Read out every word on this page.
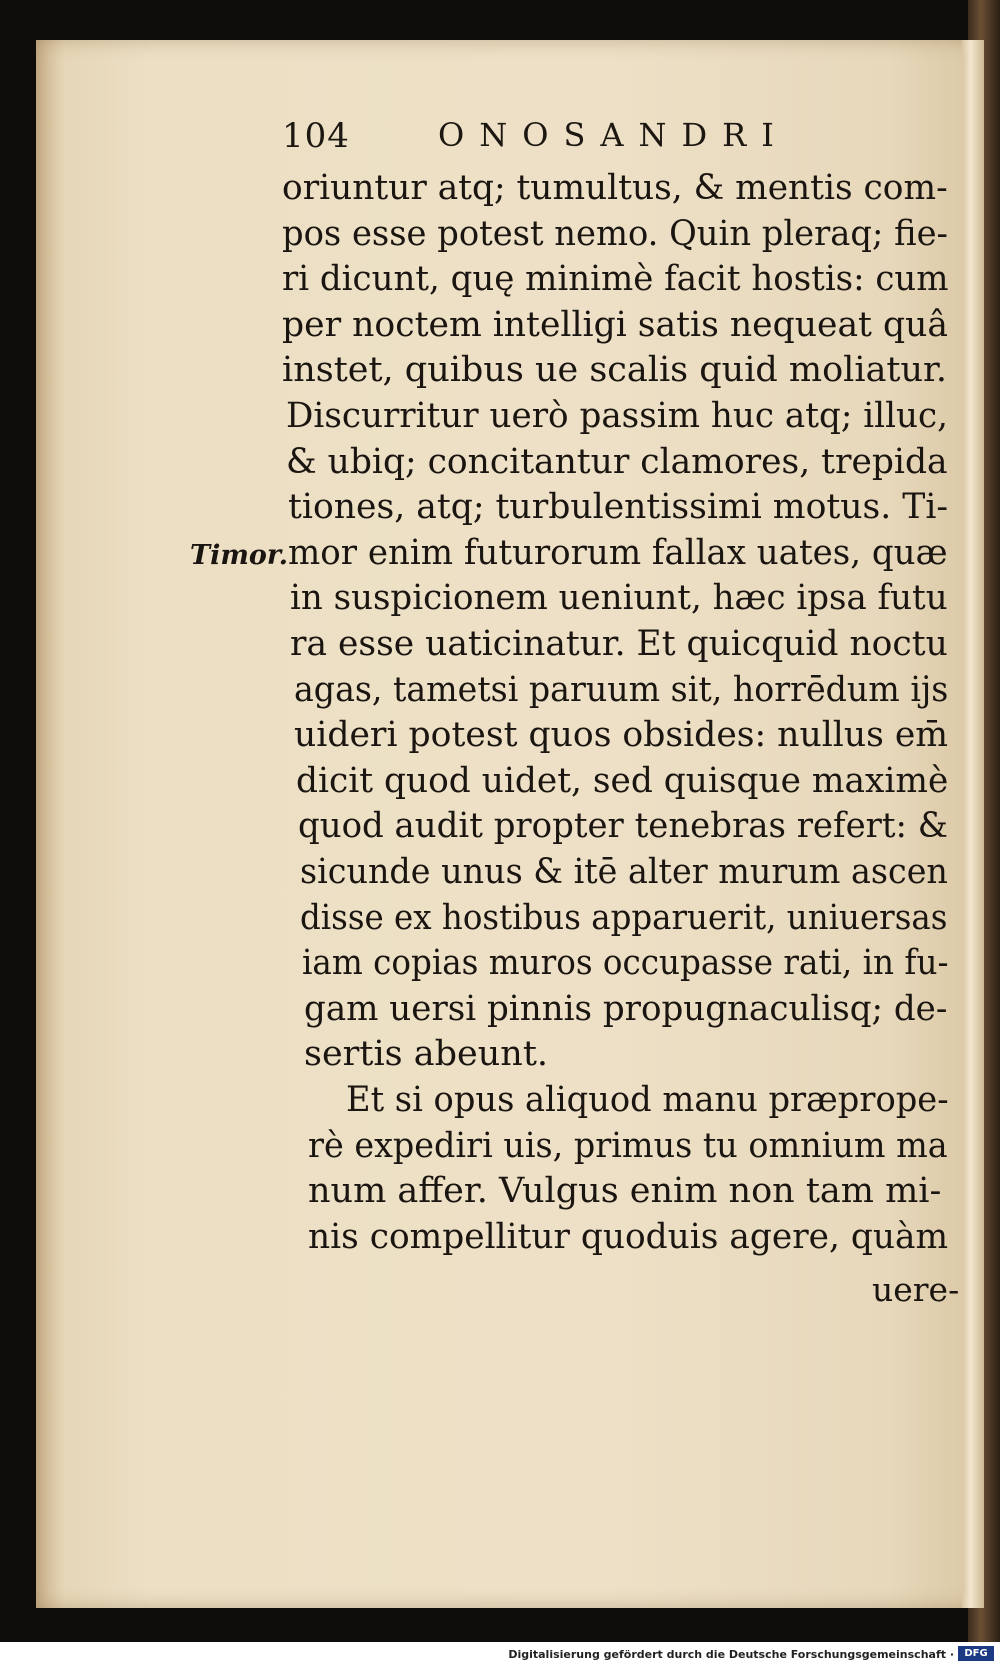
104	ONOSANDRI
Timor.
oriuntur atq; tumultus, & mentis com-
pos esse potest nemo. Quin pleraq; fie-
ri dicunt, quę minimè facit hostis: cum
per noctem intelligi satis nequeat quâ
instet, quibus ue scalis quid moliatur.
Discurritur uerò passim huc atq; illuc,
& ubiq; concitantur clamores, trepida
tiones, atq; turbulentissimi motus. Ti-
mor enim futurorum fallax uates, quæ
in suspicionem ueniunt, hæc ipsa futu
ra esse uaticinatur. Et quicquid noctu
agas, tametsi paruum sit, horrēdum ijs
uideri potest quos obsides: nullus em̄
dicit quod uidet, sed quisque maximè
quod audit propter tenebras refert: &
sicunde unus & itē alter murum ascen
disse ex hostibus apparuerit, uniuersas
iam copias muros occupasse rati, in fu-
gam uersi pinnis propugnaculisq; de-
sertis abeunt.
Et si opus aliquod manu præprope-
rè expediri uis, primus tu omnium ma
num affer. Vulgus enim non tam mi-
nis compellitur quoduis agere, quàm
uere-
Digitalisierung gefördert durch die Deutsche Forschungsgemeinschaft ·	DFG
